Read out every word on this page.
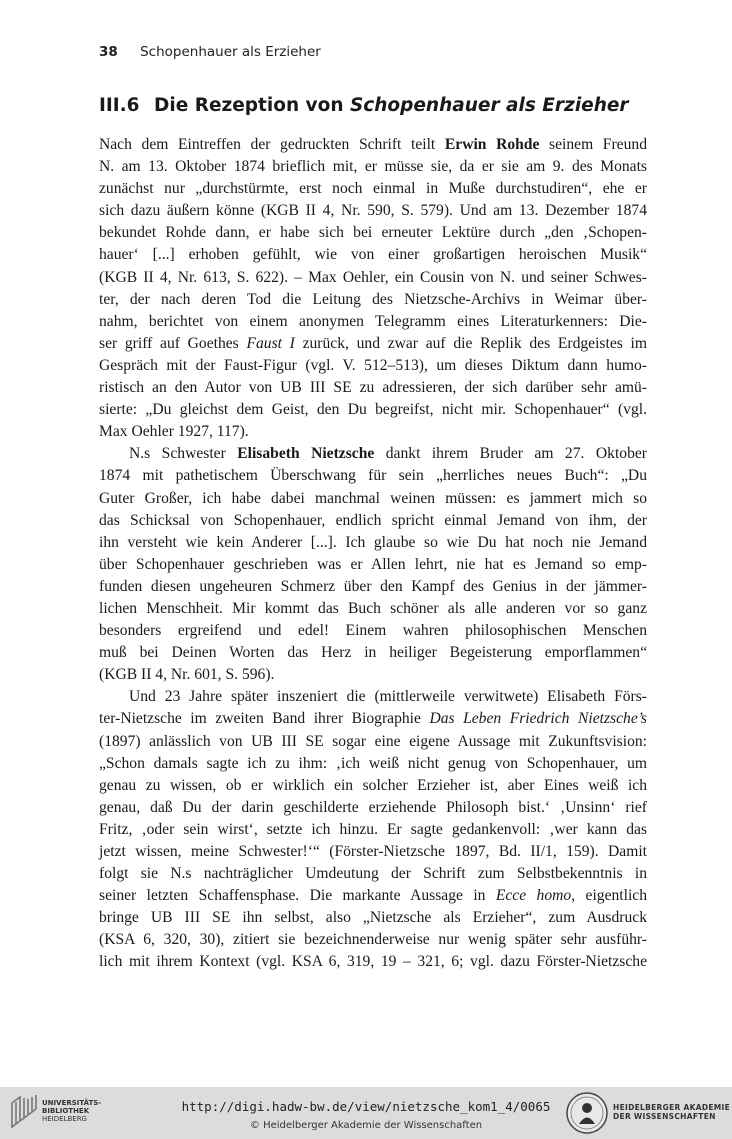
38 Schopenhauer als Erzieher
III.6 Die Rezeption von Schopenhauer als Erzieher

Nach dem Eintreffen der gedruckten Schrift teilt Erwin Rohde seinem Freund
N. am 13. Oktober 1874 brieflich mit, er müsse sie, da er sie am 9. des Monats
zunächst nur „durchstürmte, erst noch einmal in Muße durchstudiren“, ehe er
sich dazu äußern könne (KGB II 4, Nr. 590, S. 579). Und am 13. Dezember 1874
bekundet Rohde dann, er habe sich bei erneuter Lektüre durch „den ‚Schopen-
hauer‘ [...] erhoben gefühlt, wie von einer großartigen heroischen Musik“
(KGB II 4, Nr. 613, S. 622). – Max Oehler, ein Cousin von N. und seiner Schwes-
ter, der nach deren Tod die Leitung des Nietzsche-Archivs in Weimar über-
nahm, berichtet von einem anonymen Telegramm eines Literaturkenners: Die-
ser griff auf Goethes Faust I zurück, und zwar auf die Replik des Erdgeistes im
Gespräch mit der Faust-Figur (vgl. V. 512–513), um dieses Diktum dann humo-
ristisch an den Autor von UB III SE zu adressieren, der sich darüber sehr amü-
sierte: „Du gleichst dem Geist, den Du begreifst, nicht mir. Schopenhauer“ (vgl.
Max Oehler 1927, 117).

N.s Schwester Elisabeth Nietzsche dankt ihrem Bruder am 27. Oktober
1874 mit pathetischem Überschwang für sein „herrliches neues Buch“: „Du
Guter Großer, ich habe dabei manchmal weinen müssen: es jammert mich so
das Schicksal von Schopenhauer, endlich spricht einmal Jemand von ihm, der
ihn versteht wie kein Anderer [...]. Ich glaube so wie Du hat noch nie Jemand
über Schopenhauer geschrieben was er Allen lehrt, nie hat es Jemand so emp-
funden diesen ungeheuren Schmerz über den Kampf des Genius in der jämmer-
lichen Menschheit. Mir kommt das Buch schöner als alle anderen vor so ganz
besonders ergreifend und edel! Einem wahren philosophischen Menschen
muß bei Deinen Worten das Herz in heiliger Begeisterung emporflammen“
(KGB II 4, Nr. 601, S. 596).

Und 23 Jahre später inszeniert die (mittlerweile verwitwete) Elisabeth Förs-
ter-Nietzsche im zweiten Band ihrer Biographie Das Leben Friedrich Nietzsche’s
(1897) anlässlich von UB III SE sogar eine eigene Aussage mit Zukunftsvision:
„Schon damals sagte ich zu ihm: ‚ich weiß nicht genug von Schopenhauer, um
genau zu wissen, ob er wirklich ein solcher Erzieher ist, aber Eines weiß ich
genau, daß Du der darin geschilderte erziehende Philosoph bist.‘ ‚Unsinn‘ rief
Fritz, ‚oder sein wirst‘, setzte ich hinzu. Er sagte gedankenvoll: ‚wer kann das
jetzt wissen, meine Schwester!‘“ (Förster-Nietzsche 1897, Bd. II/1, 159). Damit
folgt sie N.s nachträglicher Umdeutung der Schrift zum Selbstbekenntnis in
seiner letzten Schaffensphase. Die markante Aussage in Ecce homo, eigentlich
bringe UB III SE ihn selbst, also „Nietzsche als Erzieher“, zum Ausdruck
(KSA 6, 320, 30), zitiert sie bezeichnenderweise nur wenig später sehr ausführ-
lich mit ihrem Kontext (vgl. KSA 6, 319, 19 – 321, 6; vgl. dazu Förster-Nietzsche

UNIVERSITÄTS-
BIBLIOTHEK
HEIDELBERG
http://digi.hadw-bw.de/view/nietzsche_kom1_4/0065
© Heidelberger Akademie der Wissenschaften
HEIDELBERGER AKADEMIE
DER WISSENSCHAFTEN
